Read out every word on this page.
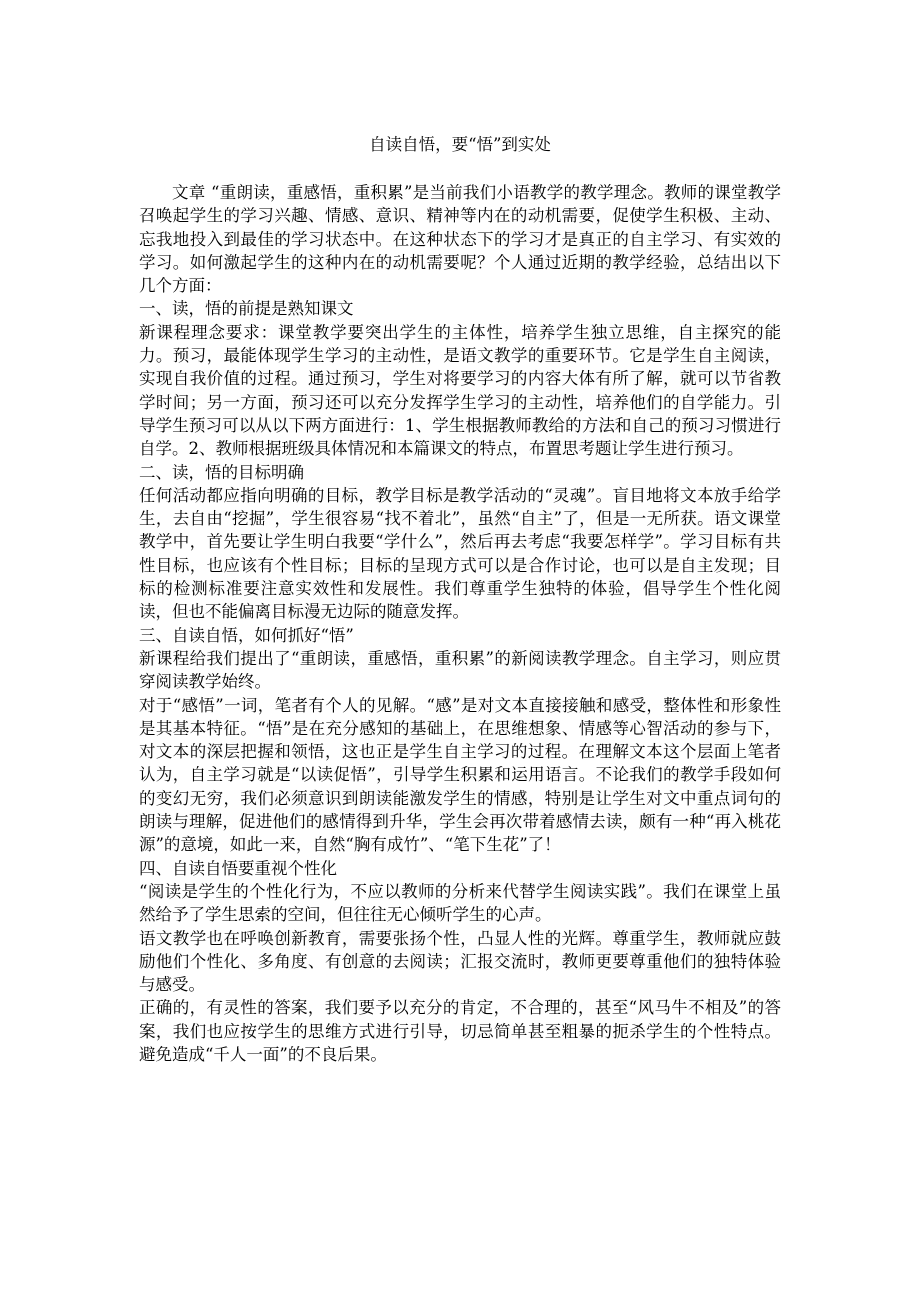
自读自悟，要“悟”到实处

文章 “重朗读，重感悟，重积累”是当前我们小语教学的教学理念。教师的课堂教学召唤起学生的学习兴趣、情感、意识、精神等内在的动机需要，促使学生积极、主动、忘我地投入到最佳的学习状态中。在这种状态下的学习才是真正的自主学习、有实效的学习。如何激起学生的这种内在的动机需要呢？个人通过近期的教学经验，总结出以下几个方面：

一、读，悟的前提是熟知课文

新课程理念要求：课堂教学要突出学生的主体性，培养学生独立思维，自主探究的能力。预习，最能体现学生学习的主动性，是语文教学的重要环节。它是学生自主阅读，实现自我价值的过程。通过预习，学生对将要学习的内容大体有所了解，就可以节省教学时间；另一方面，预习还可以充分发挥学生学习的主动性，培养他们的自学能力。引导学生预习可以从以下两方面进行：1、学生根据教师教给的方法和自己的预习习惯进行自学。2、教师根据班级具体情况和本篇课文的特点，布置思考题让学生进行预习。

二、读，悟的目标明确

任何活动都应指向明确的目标，教学目标是教学活动的“灵魂”。盲目地将文本放手给学生，去自由“挖掘”，学生很容易“找不着北”，虽然“自主”了，但是一无所获。语文课堂教学中，首先要让学生明白我要“学什么”，然后再去考虑“我要怎样学”。学习目标有共性目标，也应该有个性目标；目标的呈现方式可以是合作讨论，也可以是自主发现；目标的检测标准要注意实效性和发展性。我们尊重学生独特的体验，倡导学生个性化阅读，但也不能偏离目标漫无边际的随意发挥。

三、自读自悟，如何抓好“悟”

新课程给我们提出了“重朗读，重感悟，重积累”的新阅读教学理念。自主学习，则应贯穿阅读教学始终。

对于“感悟”一词，笔者有个人的见解。“感”是对文本直接接触和感受，整体性和形象性是其基本特征。“悟”是在充分感知的基础上，在思维想象、情感等心智活动的参与下，对文本的深层把握和领悟，这也正是学生自主学习的过程。在理解文本这个层面上笔者认为，自主学习就是“以读促悟”，引导学生积累和运用语言。不论我们的教学手段如何的变幻无穷，我们必须意识到朗读能激发学生的情感，特别是让学生对文中重点词句的朗读与理解，促进他们的感情得到升华，学生会再次带着感情去读，颇有一种“再入桃花源”的意境，如此一来，自然“胸有成竹”、“笔下生花”了！

四、自读自悟要重视个性化

“阅读是学生的个性化行为，不应以教师的分析来代替学生阅读实践”。我们在课堂上虽然给予了学生思索的空间，但往往无心倾听学生的心声。

语文教学也在呼唤创新教育，需要张扬个性，凸显人性的光辉。尊重学生，教师就应鼓励他们个性化、多角度、有创意的去阅读；汇报交流时，教师更要尊重他们的独特体验与感受。

正确的，有灵性的答案，我们要予以充分的肯定，不合理的，甚至“风马牛不相及”的答案，我们也应按学生的思维方式进行引导，切忌简单甚至粗暴的扼杀学生的个性特点。避免造成“千人一面”的不良后果。
